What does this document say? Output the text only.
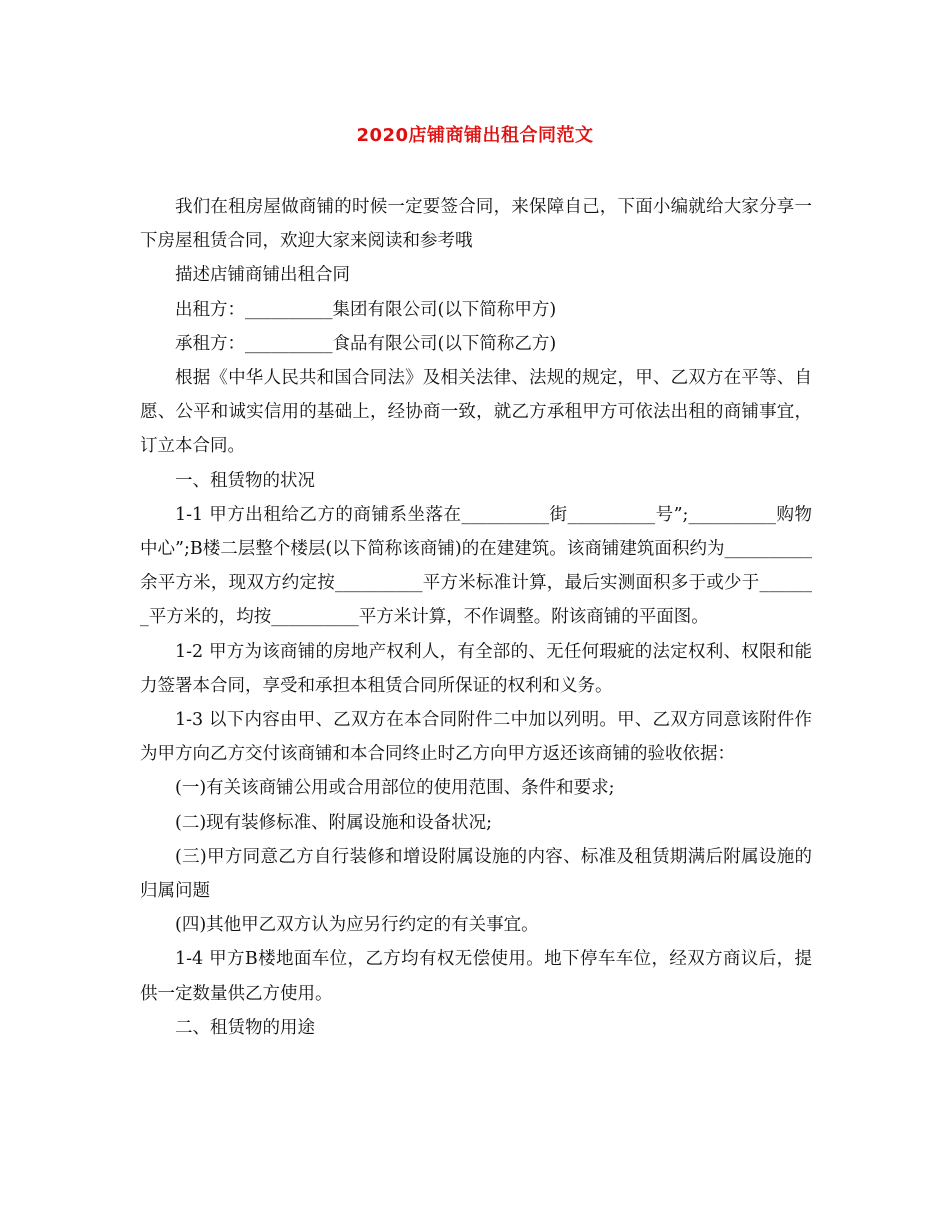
2020店铺商铺出租合同范文

我们在租房屋做商铺的时候一定要签合同，来保障自己，下面小编就给大家分享一下房屋租赁合同，欢迎大家来阅读和参考哦

描述店铺商铺出租合同

出租方：__________集团有限公司(以下简称甲方)

承租方：__________食品有限公司(以下简称乙方)

根据《中华人民共和国合同法》及相关法律、法规的规定，甲、乙双方在平等、自愿、公平和诚实信用的基础上，经协商一致，就乙方承租甲方可依法出租的商铺事宜，订立本合同。

一、租赁物的状况

1-1 甲方出租给乙方的商铺系坐落在__________街__________号”;__________购物中心”;B楼二层整个楼层(以下简称该商铺)的在建建筑。该商铺建筑面积约为__________余平方米，现双方约定按__________平方米标准计算，最后实测面积多于或少于_______平方米的，均按__________平方米计算，不作调整。附该商铺的平面图。

1-2 甲方为该商铺的房地产权利人，有全部的、无任何瑕疵的法定权利、权限和能力签署本合同，享受和承担本租赁合同所保证的权利和义务。

1-3 以下内容由甲、乙双方在本合同附件二中加以列明。甲、乙双方同意该附件作为甲方向乙方交付该商铺和本合同终止时乙方向甲方返还该商铺的验收依据：

(一)有关该商铺公用或合用部位的使用范围、条件和要求;

(二)现有装修标准、附属设施和设备状况;

(三)甲方同意乙方自行装修和增设附属设施的内容、标准及租赁期满后附属设施的归属问题

(四)其他甲乙双方认为应另行约定的有关事宜。

1-4 甲方B楼地面车位，乙方均有权无偿使用。地下停车车位，经双方商议后，提供一定数量供乙方使用。

二、租赁物的用途
